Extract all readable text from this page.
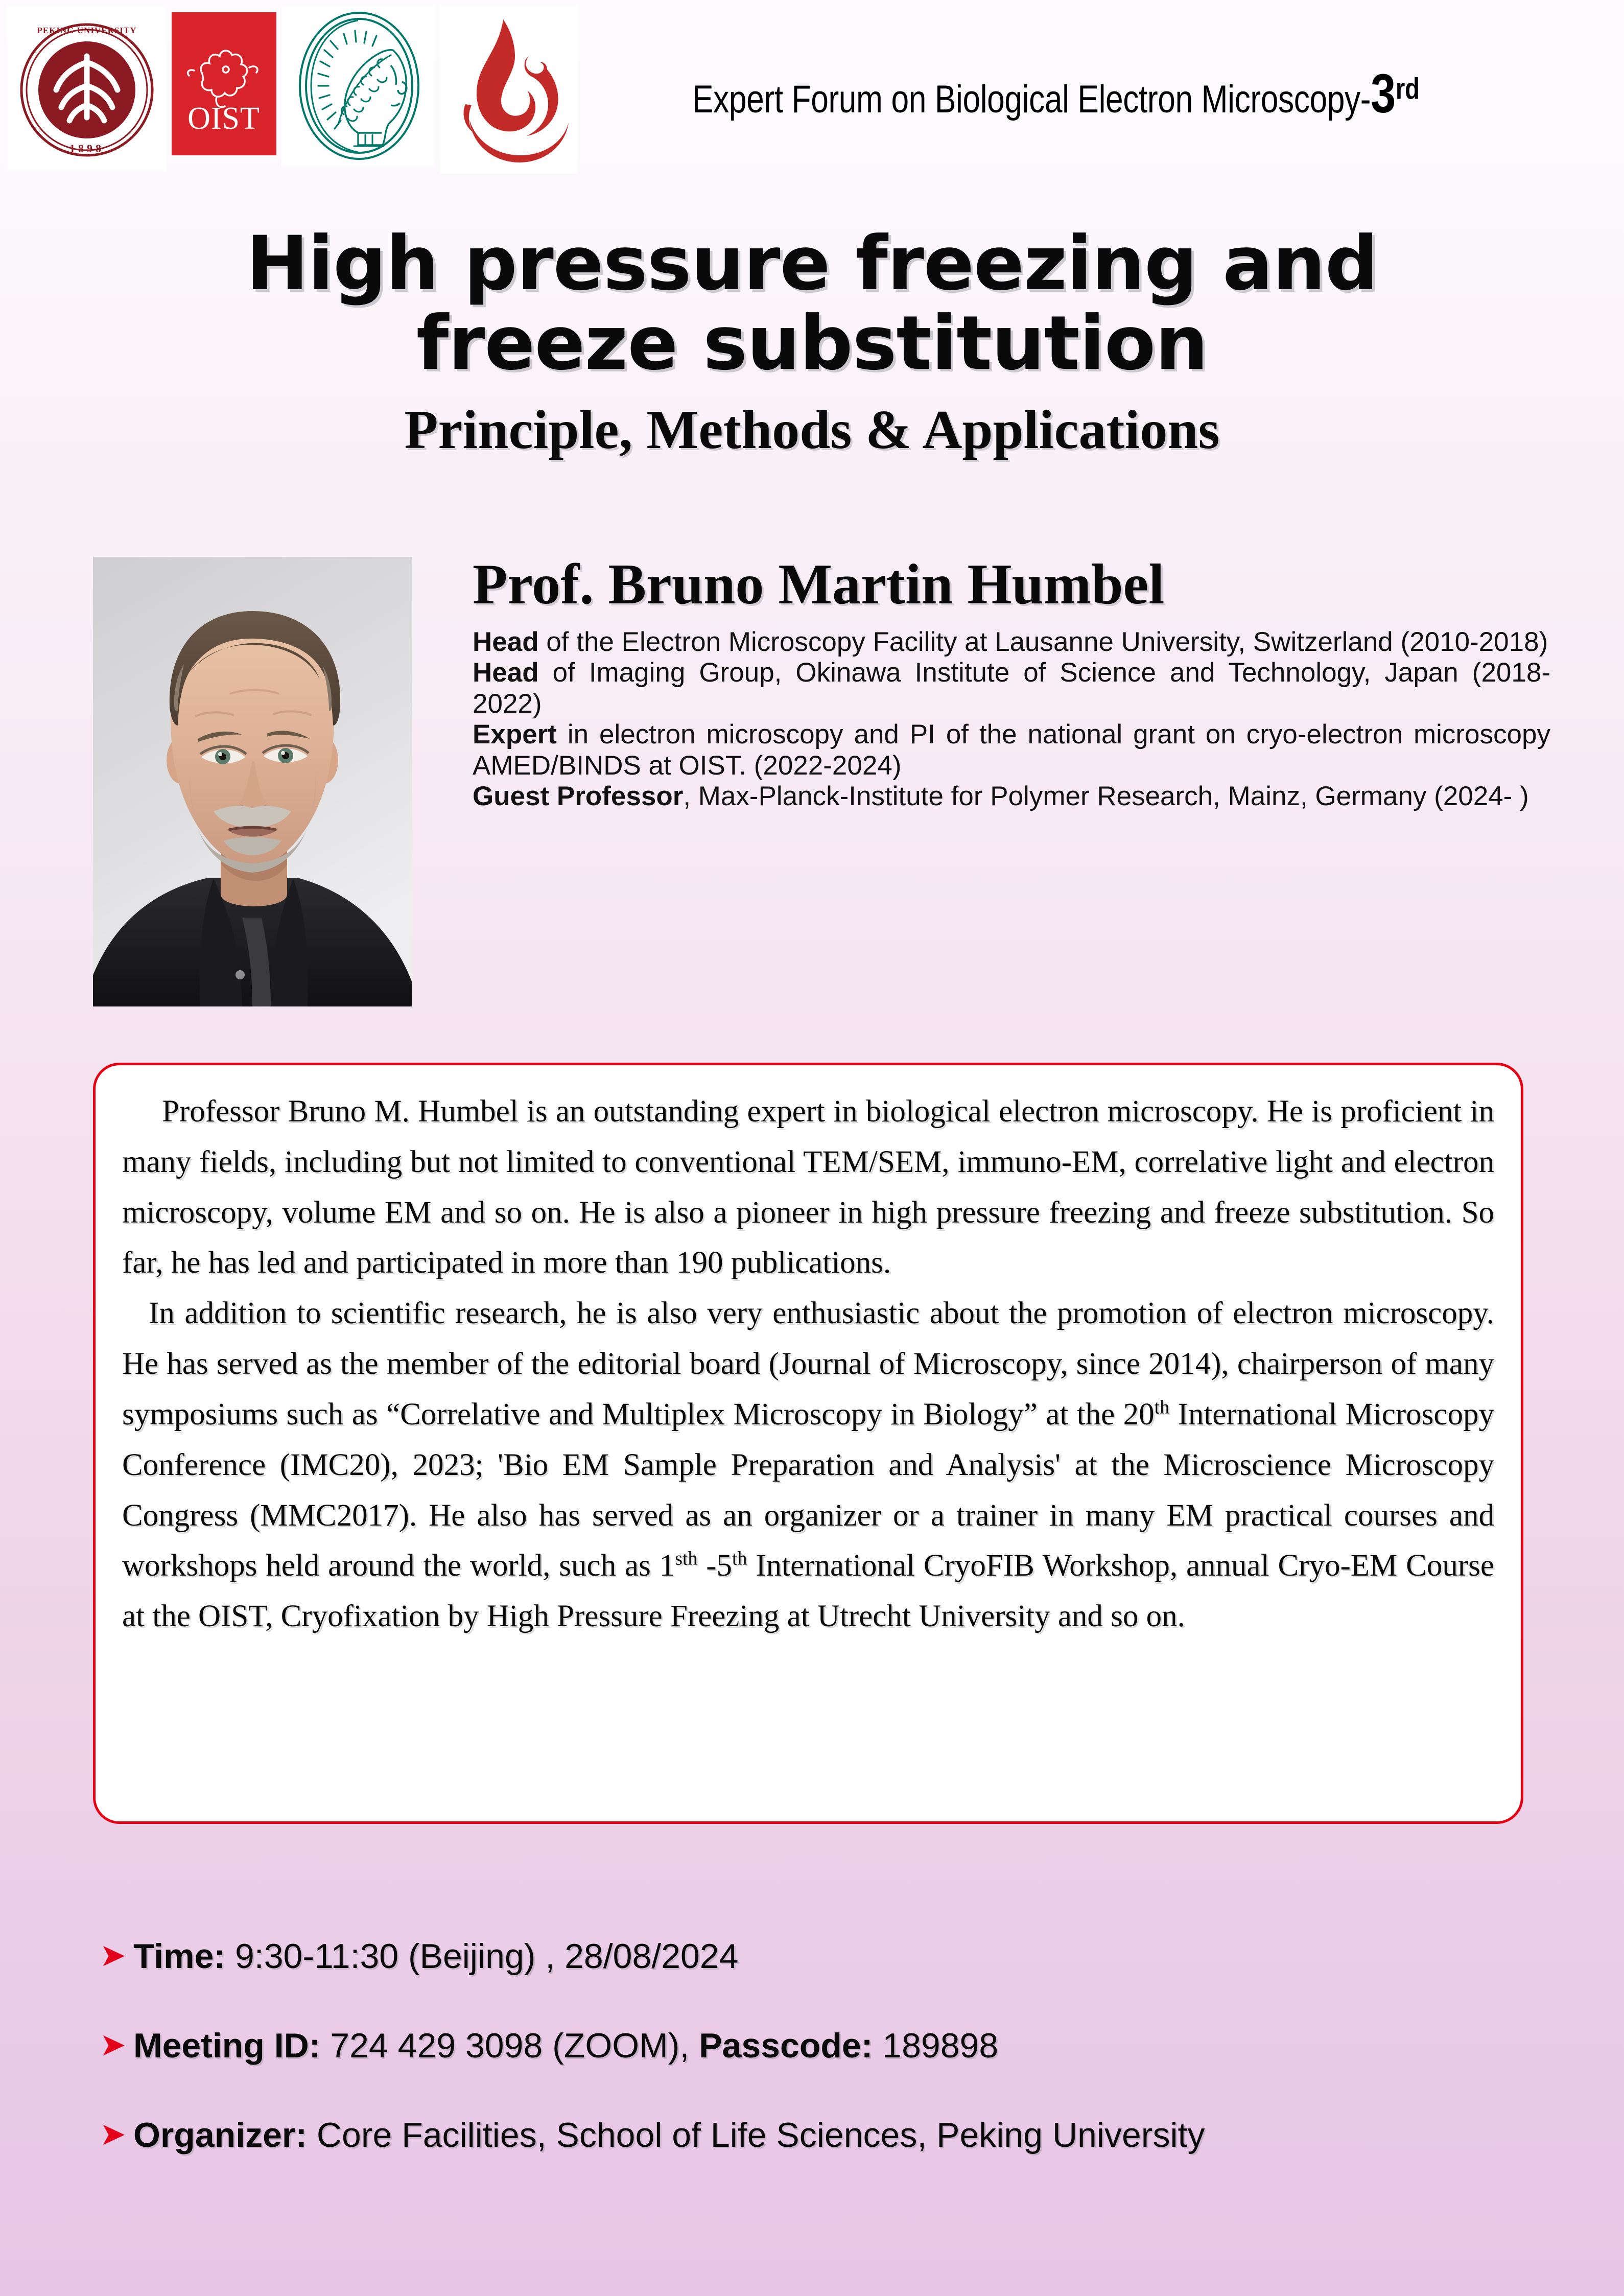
PEKING UNIVERSITY
1898
OIST	Expert Forum on Biological Electron Microscopy-3rd
High pressure freezing and
freeze substitution
Principle, Methods & Applications
Prof. Bruno Martin Humbel

Head of the Electron Microscopy Facility at Lausanne University, Switzerland (2010-2018)

Head of Imaging Group, Okinawa Institute of Science and Technology, Japan (2018-2022)

Expert in electron microscopy and PI of the national grant on cryo-electron microscopy AMED/BINDS at OIST. (2022-2024)

Guest Professor, Max-Planck-Institute for Polymer Research, Mainz, Germany (2024- )

Professor Bruno M. Humbel is an outstanding expert in biological electron microscopy. He is proficient in many fields, including but not limited to conventional TEM/SEM, immuno-EM, correlative light and electron microscopy, volume EM and so on. He is also a pioneer in high pressure freezing and freeze substitution. So far, he has led and participated in more than 190 publications.

In addition to scientific research, he is also very enthusiastic about the promotion of electron microscopy. He has served as the member of the editorial board (Journal of Microscopy, since 2014), chairperson of many symposiums such as “Correlative and Multiplex Microscopy in Biology” at the 20th International Microscopy Conference (IMC20), 2023; 'Bio EM Sample Preparation and Analysis' at the Microscience Microscopy Congress (MMC2017). He also has served as an organizer or a trainer in many EM practical courses and workshops held around the world, such as $1^{sth}$ -5th International CryoFIB Workshop, annual Cryo-EM Course at the OIST, Cryofixation by High Pressure Freezing at Utrecht University and so on.

➤ Time: 9:30-11:30 (Beijing) , 28/08/2024
➤ Meeting ID: 724 429 3098 (ZOOM), Passcode: 189898
➤ Organizer: Core Facilities, School of Life Sciences, Peking University
